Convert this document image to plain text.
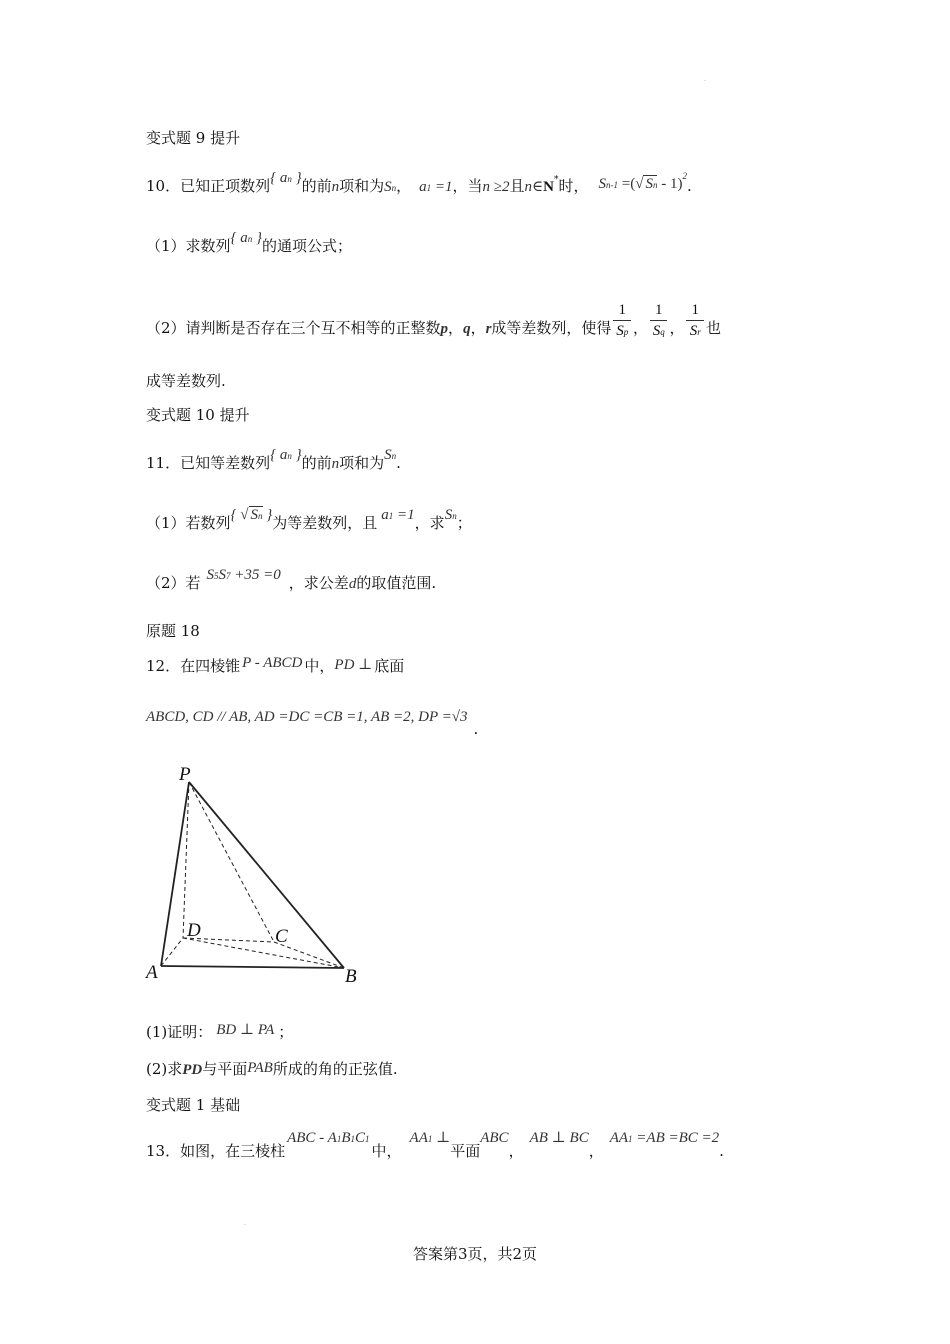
·
变式题 9 提升
10．已知正项数列{ an }的前n项和为Sn， a1 =1，当n ≥2且n∈N*时， Sn-1 =(√ Sn - 1)$^2$.
（1）求数列{ an }的通项公式；
（2）请判断是否存在三个互不相等的正整数p，q，r成等差数列，使得 $\frac{1}{Sp}$ ， $\frac{1}{Sq}$ ， $\frac{1}{Sr}$ 也
成等差数列.
变式题 10 提升
11．已知等差数列{ an }的前n项和为Sn.
（1）若数列{ √ Sn }为等差数列，且 a1 =1，求Sn；
（2）若 S5S7 +35 =0 ，求公差d的取值范围.
原题 18
12．在四棱锥 P - ABCD 中，PD ⊥ 底面
ABCD, CD // AB, AD =DC =CB =1, AB =2, DP =√3.
P
A	B
C
D
(1)证明： BD ⊥ PA ；
(2)求PD与平面PAB所成的角的正弦值.
变式题 1 基础
13．如图，在三棱柱ABC - A1B1C1中，AA1 ⊥平面ABC，AB ⊥ BC，AA1 =AB =BC =2.
·
答案第3页，共2页
